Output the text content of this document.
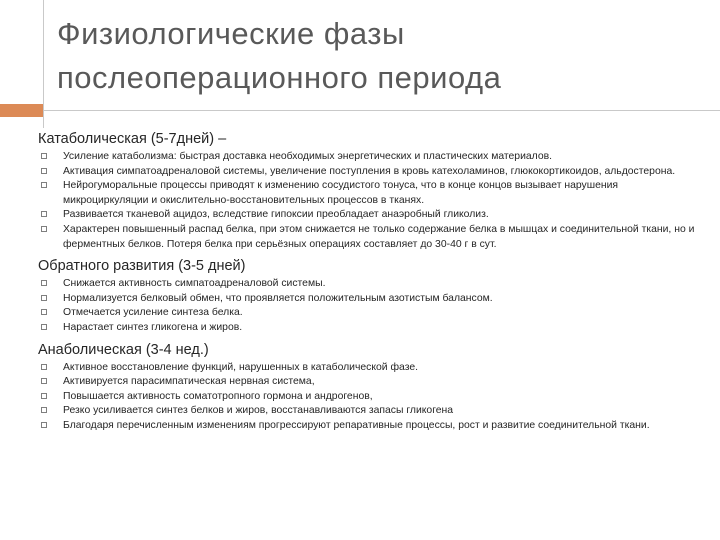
Физиологические фазы
послеоперационного периода
Катаболическая (5-7дней) –
Усиление катаболизма: быстрая доставка необходимых энергетических и пластических материалов.
Активация симпатоадреналовой системы, увеличение поступления в кровь катехоламинов, глюкокортикоидов, альдостерона.
Нейрогуморальные процессы приводят к изменению сосудистого тонуса, что в конце концов вызывает нарушения микроциркуляции и окислительно-восстановительных процессов в тканях.
Развивается тканевой ацидоз, вследствие гипоксии преобладает анаэробный гликолиз.
Характерен повышенный распад белка, при этом снижается не только содержание белка в мышцах и соединительной ткани, но и ферментных белков. Потеря белка при серьёзных операциях составляет до 30-40 г в сут.
Обратного развития (3-5 дней)
Снижается активность симпатоадреналовой системы.
Нормализуется белковый обмен, что проявляется положительным азотистым балансом.
Отмечается усиление синтеза белка.
Нарастает синтез гликогена и жиров.
Анаболическая (3-4 нед.)
Активное восстановление функций, нарушенных в катаболической фазе.
Активируется парасимпатическая нервная система,
Повышается активность соматотропного гормона и андрогенов,
Резко усиливается синтез белков и жиров, восстанавливаются запасы гликогена
Благодаря перечисленным изменениям прогрессируют репаративные процессы, рост и развитие соединительной ткани.
